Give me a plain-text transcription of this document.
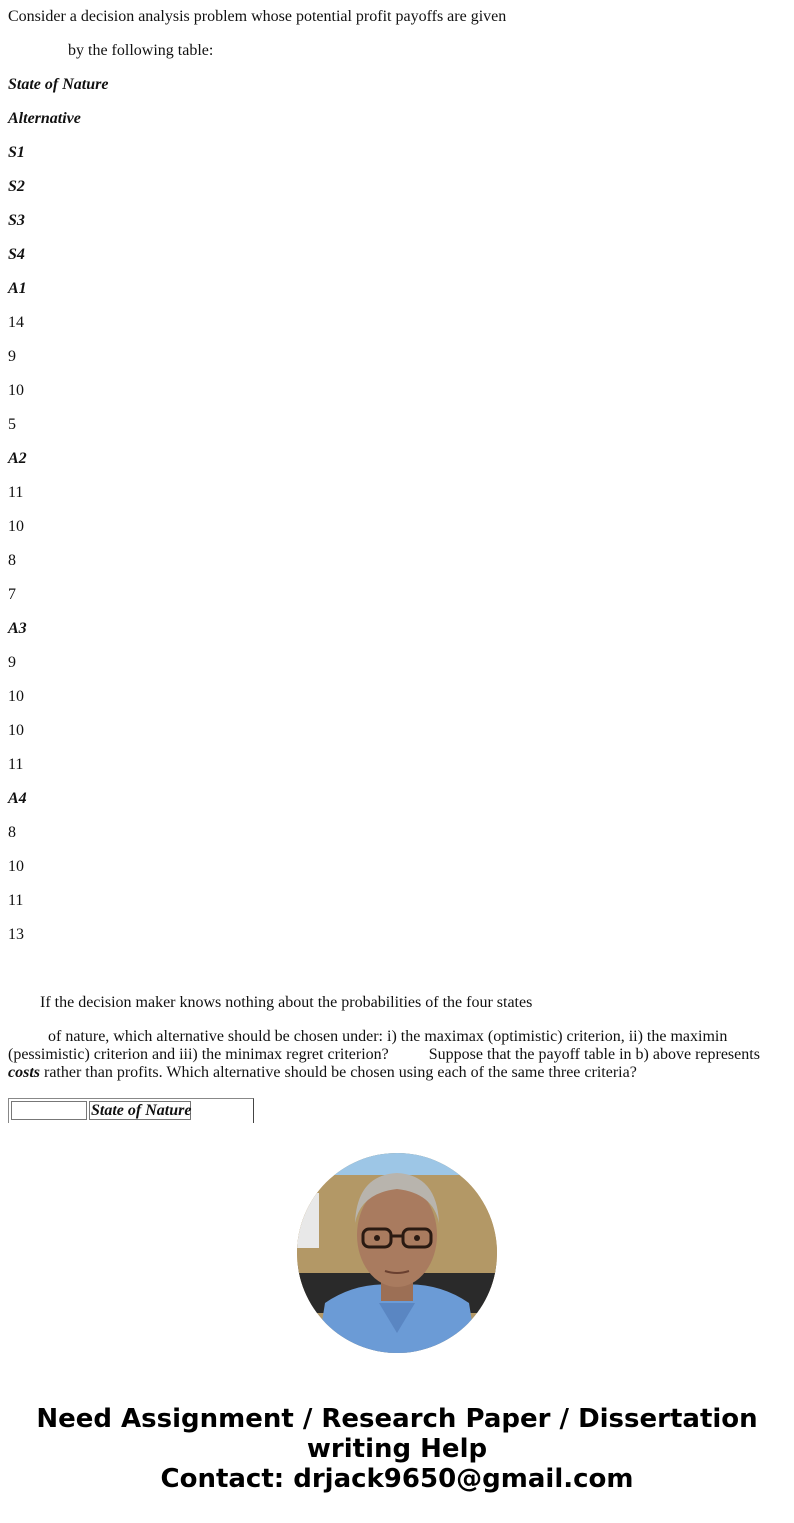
Consider a decision analysis problem whose potential profit payoffs are given
by the following table:
State of Nature
Alternative
S1
S2
S3
S4
A1
14
9
10
5
A2
11
10
8
7
A3
9
10
10
11
A4
8
10
11
13
If the decision maker knows nothing about the probabilities of the four states
of nature, which alternative should be chosen under: i) the maximax (optimistic) criterion, ii) the maximin (pessimistic) criterion and iii) the minimax regret criterion?	Suppose that the payoff table in b) above represents costs rather than profits. Which alternative should be chosen using each of the same three criteria?
State of Nature
Need Assignment / Research Paper / Dissertation
writing Help
Contact: drjack9650@gmail.com
